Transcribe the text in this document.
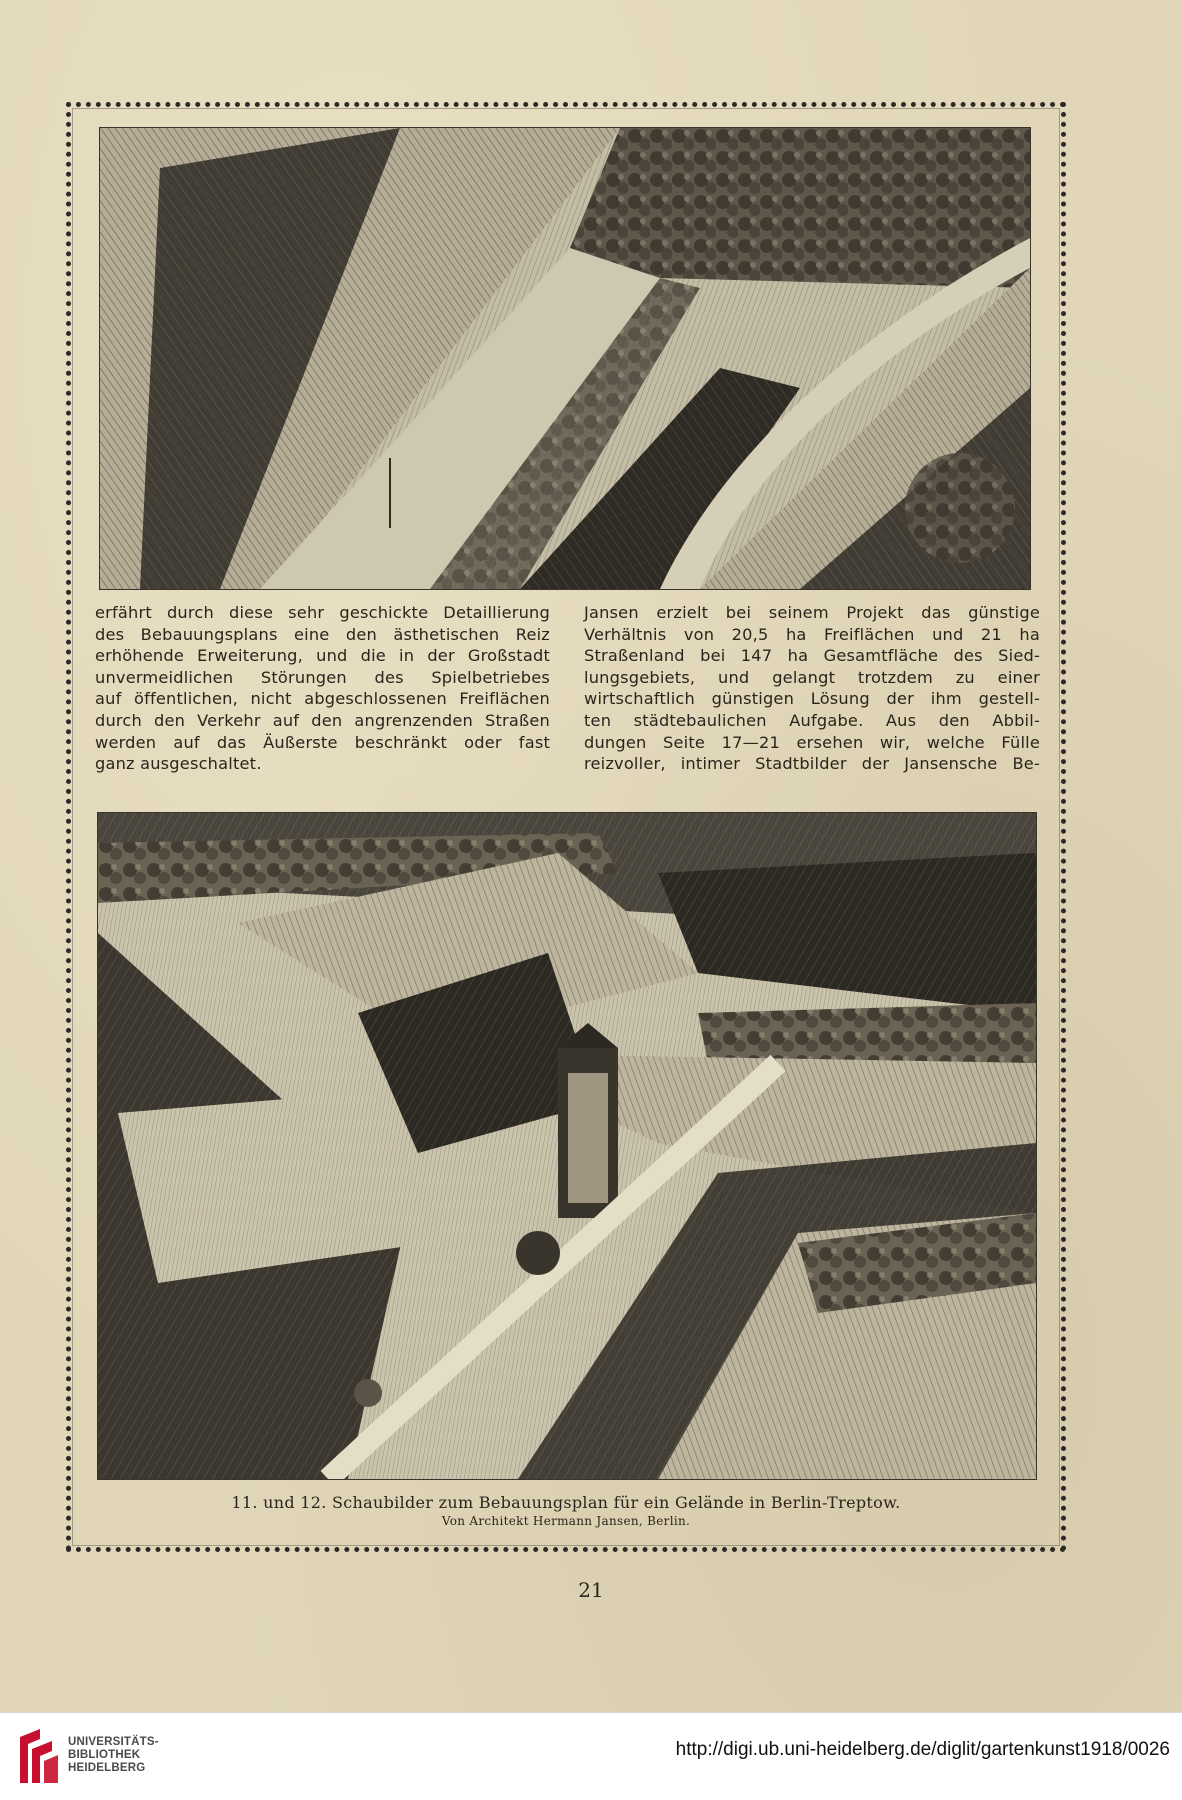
erfährt durch diese sehr geschickte Detaillierung

des Bebauungsplans eine den ästhetischen Reiz

erhöhende Erweiterung, und die in der Großstadt

unvermeidlichen Störungen des Spielbetriebes

auf öffentlichen, nicht abgeschlossenen Freiflächen

durch den Verkehr auf den angrenzenden Straßen

werden auf das Äußerste beschränkt oder fast

ganz ausgeschaltet.

Jansen erzielt bei seinem Projekt das günstige

Verhältnis von 20,5 ha Freiflächen und 21 ha

Straßenland bei 147 ha Gesamtfläche des Sied-

lungsgebiets, und gelangt trotzdem zu einer

wirtschaftlich günstigen Lösung der ihm gestell-

ten städtebaulichen Aufgabe. Aus den Abbil-

dungen Seite 17—21 ersehen wir, welche Fülle

reizvoller, intimer Stadtbilder der Jansensche Be-

11. und 12. Schaubilder zum Bebauungsplan für ein Gelände in Berlin-Treptow.
Von Architekt Hermann Jansen, Berlin.
21
UNIVERSITÄTS-
BIBLIOTHEK
HEIDELBERG
http://digi.ub.uni-heidelberg.de/diglit/gartenkunst1918/0026
